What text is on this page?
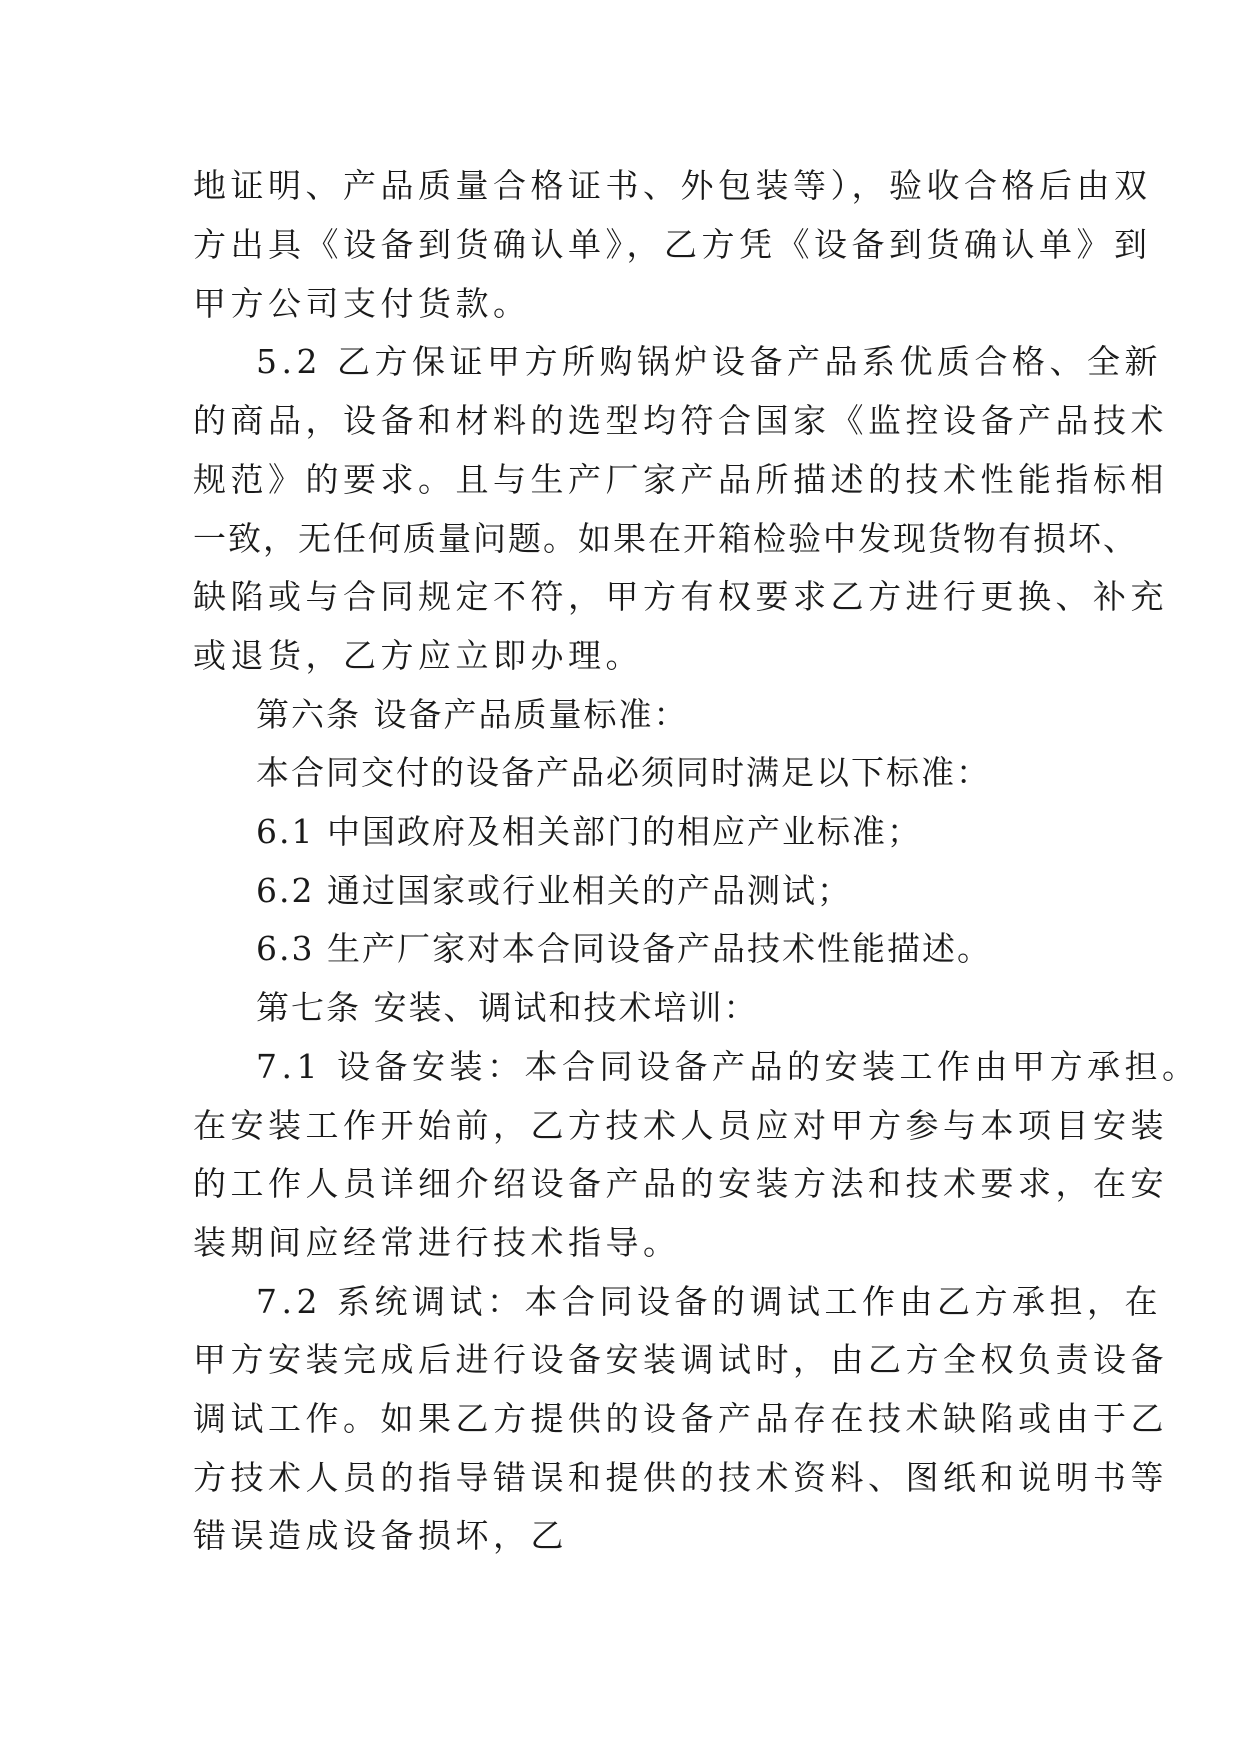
地证明、产品质量合格证书、外包装等），验收合格后由双
方出具《设备到货确认单》，乙方凭《设备到货确认单》到
甲方公司支付货款。
5.2 乙方保证甲方所购锅炉设备产品系优质合格、全新
的商品，设备和材料的选型均符合国家《监控设备产品技术
规范》的要求。且与生产厂家产品所描述的技术性能指标相
一致，无任何质量问题。如果在开箱检验中发现货物有损坏、
缺陷或与合同规定不符，甲方有权要求乙方进行更换、补充
或退货，乙方应立即办理。
第六条 设备产品质量标准：
本合同交付的设备产品必须同时满足以下标准：
6.1 中国政府及相关部门的相应产业标准；
6.2 通过国家或行业相关的产品测试；
6.3 生产厂家对本合同设备产品技术性能描述。
第七条 安装、调试和技术培训：
7.1 设备安装：本合同设备产品的安装工作由甲方承担。
在安装工作开始前，乙方技术人员应对甲方参与本项目安装
的工作人员详细介绍设备产品的安装方法和技术要求，在安
装期间应经常进行技术指导。
7.2 系统调试：本合同设备的调试工作由乙方承担，在
甲方安装完成后进行设备安装调试时，由乙方全权负责设备
调试工作。如果乙方提供的设备产品存在技术缺陷或由于乙
方技术人员的指导错误和提供的技术资料、图纸和说明书等
错误造成设备损坏，乙
